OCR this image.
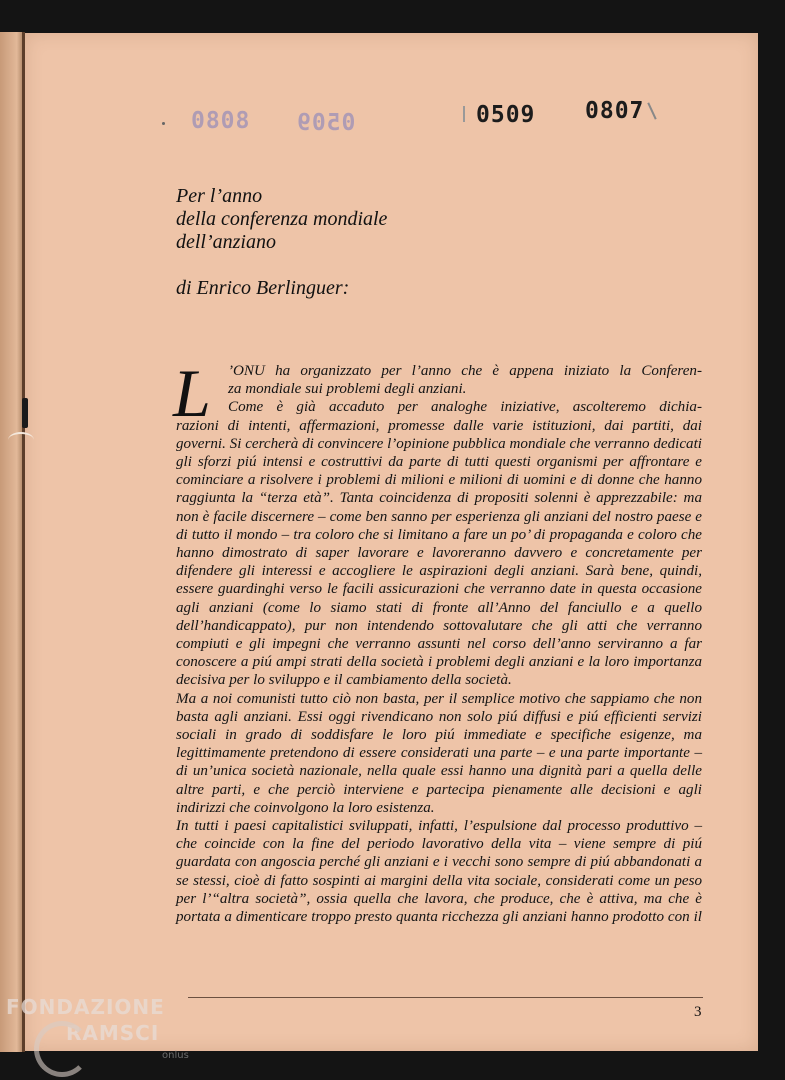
8080 0509	0509 0807
Per l’anno
della conferenza mondiale
dell’anziano
di Enrico Berlinguer:
L	’ONU ha organizzato per l’anno che è appena iniziato la Conferen-

za mondiale sui problemi degli anziani.

Come è già accaduto per analoghe iniziative, ascolteremo dichia-

razioni di intenti, affermazioni, promesse dalle varie istituzioni, dai partiti, dai governi. Si cercherà di convincere l’opinione pubblica mondiale che verranno dedicati gli sforzi piú intensi e costruttivi da parte di tutti questi organismi per affrontare e cominciare a risolvere i problemi di milioni e milioni di uomini e di donne che hanno raggiunta la “terza età”. Tanta coincidenza di propositi solenni è apprezzabile: ma non è facile discernere – come ben sanno per esperienza gli anziani del nostro paese e di tutto il mondo – tra coloro che si limitano a fare un po’ di propaganda e coloro che hanno dimostrato di saper lavorare e lavoreranno davvero e concretamente per difendere gli interessi e accogliere le aspirazioni degli anziani. Sarà bene, quindi, essere guardinghi verso le facili assicurazioni che verranno date in questa occasione agli anziani (come lo siamo stati di fronte all’Anno del fanciullo e a quello dell’handicappato), pur non intendendo sottovalutare che gli atti che verranno compiuti e gli impegni che verranno assunti nel corso dell’anno serviranno a far conoscere a piú ampi strati della società i problemi degli anziani e la loro importanza decisiva per lo sviluppo e il cambiamento della società.

Ma a noi comunisti tutto ciò non basta, per il semplice motivo che sappiamo che non basta agli anziani. Essi oggi rivendicano non solo piú diffusi e piú efficienti servizi sociali in grado di soddisfare le loro piú immediate e specifiche esigenze, ma legittimamente pretendono di essere considerati una parte – e una parte importante – di un’unica società nazionale, nella quale essi hanno una dignità pari a quella delle altre parti, e che perciò interviene e partecipa pienamente alle decisioni e agli indirizzi che coinvolgono la loro esistenza.

In tutti i paesi capitalistici sviluppati, infatti, l’espulsione dal processo produttivo – che coincide con la fine del periodo lavorativo della vita – viene sempre di piú guardata con angoscia perché gli anziani e i vecchi sono sempre di piú abbandonati a se stessi, cioè di fatto sospinti ai margini della vita sociale, considerati come un peso per l’“altra società”, ossia quella che lavora, che produce, che è attiva, ma che è portata a dimenticare troppo presto quanta ricchezza gli anziani hanno prodotto con il

3
FONDAZIONE
RAMSCI
onlus
